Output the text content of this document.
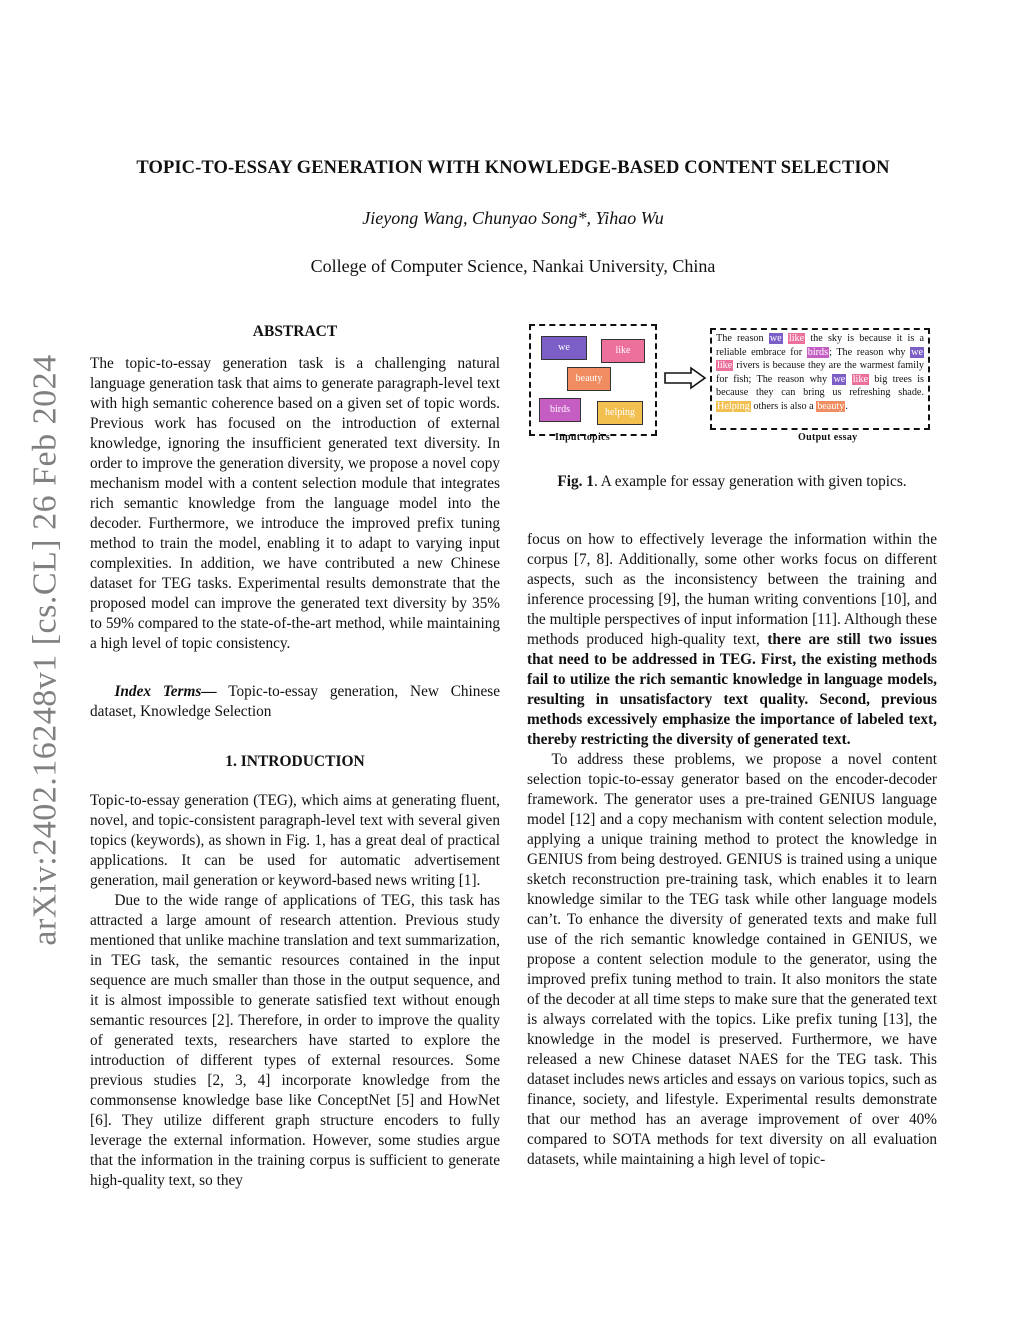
arXiv:2402.16248v1 [cs.CL] 26 Feb 2024
TOPIC-TO-ESSAY GENERATION WITH KNOWLEDGE-BASED CONTENT SELECTION
Jieyong Wang, Chunyao Song*, Yihao Wu
College of Computer Science, Nankai University, China

ABSTRACT

The topic-to-essay generation task is a challenging natural language generation task that aims to generate paragraph-level text with high semantic coherence based on a given set of topic words. Previous work has focused on the introduction of external knowledge, ignoring the insufficient generated text diversity. In order to improve the generation diversity, we propose a novel copy mechanism model with a content selection module that integrates rich semantic knowledge from the language model into the decoder. Furthermore, we introduce the improved prefix tuning method to train the model, enabling it to adapt to varying input complexities. In addition, we have contributed a new Chinese dataset for TEG tasks. Experimental results demonstrate that the proposed model can improve the generated text diversity by 35% to 59% compared to the state-of-the-art method, while maintaining a high level of topic consistency.

Index Terms— Topic-to-essay generation, New Chinese dataset, Knowledge Selection

1. INTRODUCTION

Topic-to-essay generation (TEG), which aims at generating fluent, novel, and topic-consistent paragraph-level text with several given topics (keywords), as shown in Fig. 1, has a great deal of practical applications. It can be used for automatic advertisement generation, mail generation or keyword-based news writing [1].

Due to the wide range of applications of TEG, this task has attracted a large amount of research attention. Previous study mentioned that unlike machine translation and text summarization, in TEG task, the semantic resources contained in the input sequence are much smaller than those in the output sequence, and it is almost impossible to generate satisfied text without enough semantic resources [2]. Therefore, in order to improve the quality of generated texts, researchers have started to explore the introduction of different types of external resources. Some previous studies [2, 3, 4] incorporate knowledge from the commonsense knowledge base like ConceptNet [5] and HowNet [6]. They utilize different graph structure encoders to fully leverage the external information. However, some studies argue that the information in the training corpus is sufficient to generate high-quality text, so they

we	like
beauty
birds	helping
The reason we like the sky is because it is a reliable embrace for birds; The reason why we like rivers is because they are the warmest family for fish; The reason why we like big trees is because they can bring us refreshing shade. Helping others is also a beauty.
Input topics	Output essay
Fig. 1. A example for essay generation with given topics.

focus on how to effectively leverage the information within the corpus [7, 8]. Additionally, some other works focus on different aspects, such as the inconsistency between the training and inference processing [9], the human writing conventions [10], and the multiple perspectives of input information [11]. Although these methods produced high-quality text, there are still two issues that need to be addressed in TEG. First, the existing methods fail to utilize the rich semantic knowledge in language models, resulting in unsatisfactory text quality. Second, previous methods excessively emphasize the importance of labeled text, thereby restricting the diversity of generated text.

To address these problems, we propose a novel content selection topic-to-essay generator based on the encoder-decoder framework. The generator uses a pre-trained GENIUS language model [12] and a copy mechanism with content selection module, applying a unique training method to protect the knowledge in GENIUS from being destroyed. GENIUS is trained using a unique sketch reconstruction pre-training task, which enables it to learn knowledge similar to the TEG task while other language models can’t. To enhance the diversity of generated texts and make full use of the rich semantic knowledge contained in GENIUS, we propose a content selection module to the generator, using the improved prefix tuning method to train. It also monitors the state of the decoder at all time steps to make sure that the generated text is always correlated with the topics. Like prefix tuning [13], the knowledge in the model is preserved. Furthermore, we have released a new Chinese dataset NAES for the TEG task. This dataset includes news articles and essays on various topics, such as finance, society, and lifestyle. Experimental results demonstrate that our method has an average improvement of over 40% compared to SOTA methods for text diversity on all evaluation datasets, while maintaining a high level of topic-
